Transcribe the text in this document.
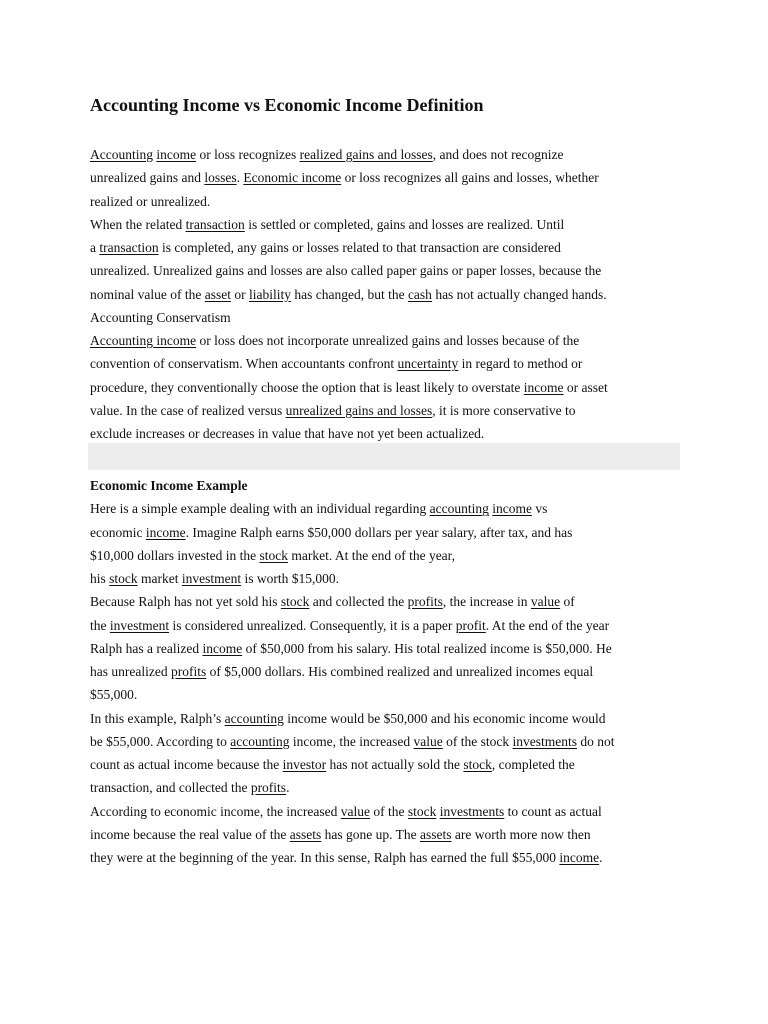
Accounting Income vs Economic Income Definition
Accounting income or loss recognizes realized gains and losses, and does not recognize
unrealized gains and losses. Economic income or loss recognizes all gains and losses, whether
realized or unrealized.
When the related transaction is settled or completed, gains and losses are realized. Until
a transaction is completed, any gains or losses related to that transaction are considered
unrealized. Unrealized gains and losses are also called paper gains or paper losses, because the
nominal value of the asset or liability has changed, but the cash has not actually changed hands.
Accounting Conservatism
Accounting income or loss does not incorporate unrealized gains and losses because of the
convention of conservatism. When accountants confront uncertainty in regard to method or
procedure, they conventionally choose the option that is least likely to overstate income or asset
value. In the case of realized versus unrealized gains and losses, it is more conservative to
exclude increases or decreases in value that have not yet been actualized.
Economic Income Example
Here is a simple example dealing with an individual regarding accounting income vs
economic income. Imagine Ralph earns $50,000 dollars per year salary, after tax, and has
$10,000 dollars invested in the stock market. At the end of the year,
his stock market investment is worth $15,000.
Because Ralph has not yet sold his stock and collected the profits, the increase in value of
the investment is considered unrealized. Consequently, it is a paper profit. At the end of the year
Ralph has a realized income of $50,000 from his salary. His total realized income is $50,000. He
has unrealized profits of $5,000 dollars. His combined realized and unrealized incomes equal
$55,000.
In this example, Ralph’s accounting income would be $50,000 and his economic income would
be $55,000. According to accounting income, the increased value of the stock investments do not
count as actual income because the investor has not actually sold the stock, completed the
transaction, and collected the profits.
According to economic income, the increased value of the stock investments to count as actual
income because the real value of the assets has gone up. The assets are worth more now then
they were at the beginning of the year. In this sense, Ralph has earned the full $55,000 income.
